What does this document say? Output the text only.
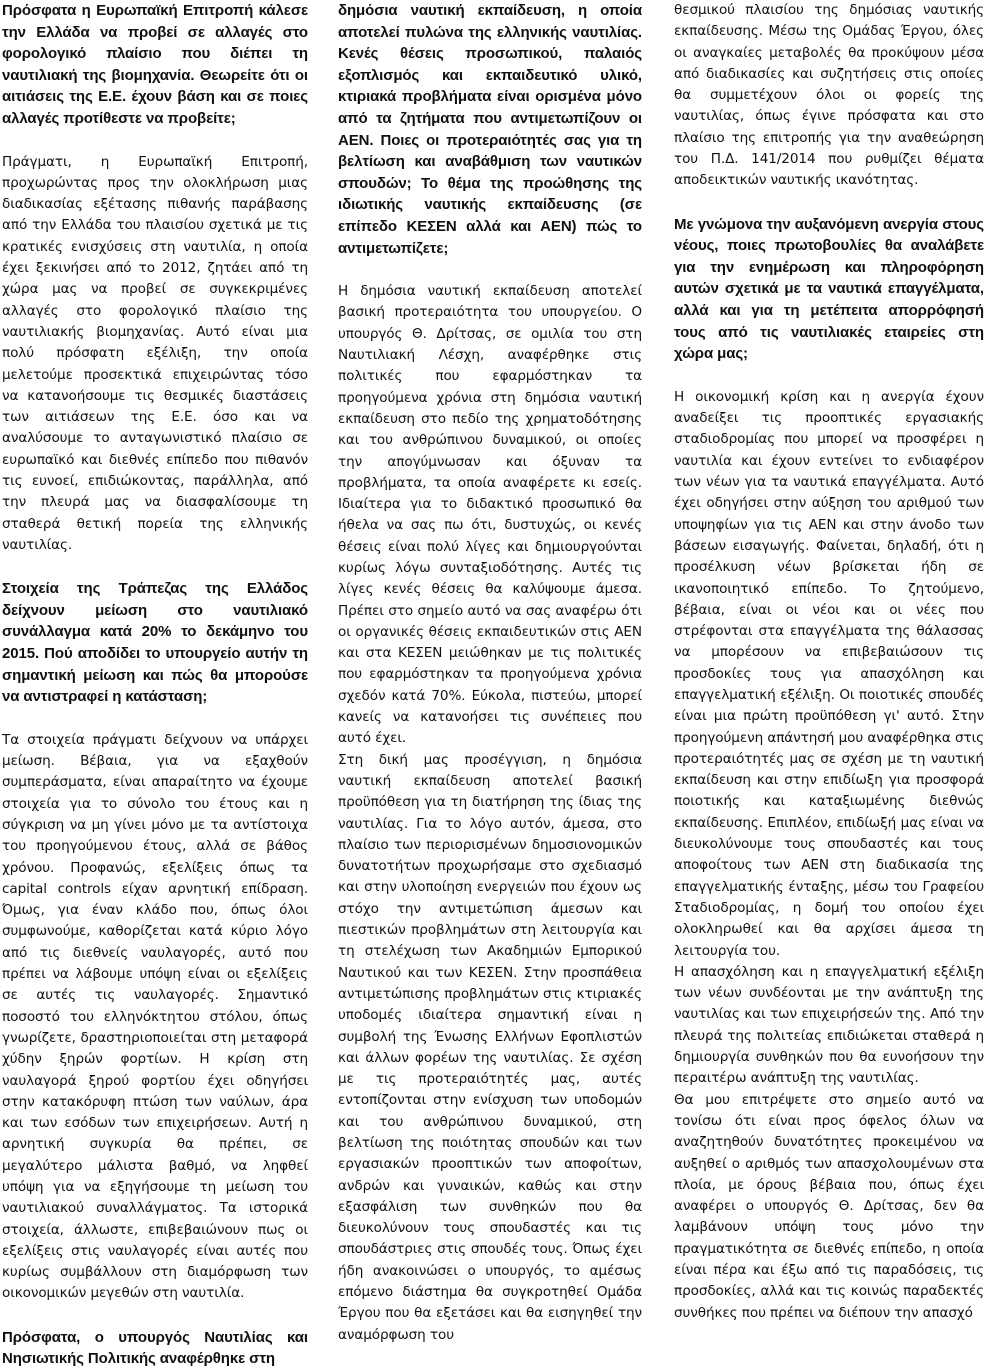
Πρόσφατα η Ευρωπαϊκή Επιτροπή κάλεσε την Ελλάδα να προβεί σε αλλαγές στο φορολογικό πλαίσιο που διέπει τη ναυτιλιακή της βιομηχανία. Θεωρείτε ότι οι αιτιάσεις της Ε.Ε. έχουν βάση και σε ποιες αλλαγές προτίθεστε να προβείτε;

Πράγματι, η Ευρωπαϊκή Επιτροπή, προχωρώντας προς την ολοκλήρωση μιας διαδικασίας εξέτασης πιθανής παράβασης από την Ελλάδα του πλαισίου σχετικά με τις κρατικές ενισχύσεις στη ναυτιλία, η οποία έχει ξεκινήσει από το 2012, ζητάει από τη χώρα μας να προβεί σε συγκεκριμένες αλλαγές στο φορολογικό πλαίσιο της ναυτιλιακής βιομηχανίας. Αυτό είναι μια πολύ πρόσφατη εξέλιξη, την οποία μελετούμε προσεκτικά επιχειρώντας τόσο να κατανοήσουμε τις θεσμικές διαστάσεις των αιτιάσεων της Ε.Ε. όσο και να αναλύσουμε το ανταγωνιστικό πλαίσιο σε ευρωπαϊκό και διεθνές επίπεδο που πιθανόν τις ευνοεί, επιδιώκοντας, παράλληλα, από την πλευρά μας να διασφαλίσουμε τη σταθερά θετική πορεία της ελληνικής ναυτιλίας.

Στοιχεία της Τράπεζας της Ελλάδος δείχνουν μείωση στο ναυτιλιακό συνάλλαγμα κατά 20% το δεκάμηνο του 2015. Πού αποδίδει το υπουργείο αυτήν τη σημαντική μείωση και πώς θα μπορούσε να αντιστραφεί η κατάσταση;

Τα στοιχεία πράγματι δείχνουν να υπάρχει μείωση. Βέβαια, για να εξαχθούν συμπεράσματα, είναι απαραίτητο να έχουμε στοιχεία για το σύνολο του έτους και η σύγκριση να μη γίνει μόνο με τα αντίστοιχα του προηγούμενου έτους, αλλά σε βάθος χρόνου. Προφανώς, εξελίξεις όπως τα capital controls είχαν αρνητική επίδραση. Όμως, για έναν κλάδο που, όπως όλοι συμφωνούμε, καθορίζεται κατά κύριο λόγο από τις διεθνείς ναυλαγορές, αυτό που πρέπει να λάβουμε υπόψη είναι οι εξελίξεις σε αυτές τις ναυλαγορές. Σημαντικό ποσοστό του ελληνόκτητου στόλου, όπως γνωρίζετε, δραστηριοποιείται στη μεταφορά χύδην ξηρών φορτίων. Η κρίση στη ναυλαγορά ξηρού φορτίου έχει οδηγήσει στην κατακόρυφη πτώση των ναύλων, άρα και των εσόδων των επιχειρήσεων. Αυτή η αρνητική συγκυρία θα πρέπει, σε μεγαλύτερο μάλιστα βαθμό, να ληφθεί υπόψη για να εξηγήσουμε τη μείωση του ναυτιλιακού συναλλάγματος. Τα ιστορικά στοιχεία, άλλωστε, επιβεβαιώνουν πως οι εξελίξεις στις ναυλαγορές είναι αυτές που κυρίως συμβάλλουν στη διαμόρφωση των οικονομικών μεγεθών στη ναυτιλία.

Πρόσφατα, ο υπουργός Ναυτιλίας και Νησιωτικής Πολιτικής αναφέρθηκε στη

δημόσια ναυτική εκπαίδευση, η οποία αποτελεί πυλώνα της ελληνικής ναυτιλίας. Κενές θέσεις προσωπικού, παλαιός εξοπλισμός και εκπαιδευτικό υλικό, κτιριακά προβλήματα είναι ορισμένα μόνο από τα ζητήματα που αντιμετωπίζουν οι ΑΕΝ. Ποιες οι προτεραιότητές σας για τη βελτίωση και αναβάθμιση των ναυτικών σπουδών; Το θέμα της προώθησης της ιδιωτικής ναυτικής εκπαίδευσης (σε επίπεδο ΚΕΣΕΝ αλλά και ΑΕΝ) πώς το αντιμετωπίζετε;

Η δημόσια ναυτική εκπαίδευση αποτελεί βασική προτεραιότητα του υπουργείου. Ο υπουργός Θ. Δρίτσας, σε ομιλία του στη Ναυτιλιακή Λέσχη, αναφέρθηκε στις πολιτικές που εφαρμόστηκαν τα προηγούμενα χρόνια στη δημόσια ναυτική εκπαίδευση στο πεδίο της χρηματοδότησης και του ανθρώπινου δυναμικού, οι οποίες την απογύμνωσαν και όξυναν τα προβλήματα, τα οποία αναφέρετε κι εσείς. Ιδιαίτερα για το διδακτικό προσωπικό θα ήθελα να σας πω ότι, δυστυχώς, οι κενές θέσεις είναι πολύ λίγες και δημιουργούνται κυρίως λόγω συνταξιοδότησης. Αυτές τις λίγες κενές θέσεις θα καλύψουμε άμεσα. Πρέπει στο σημείο αυτό να σας αναφέρω ότι οι οργανικές θέσεις εκπαιδευτικών στις ΑΕΝ και στα ΚΕΣΕΝ μειώθηκαν με τις πολιτικές που εφαρμόστηκαν τα προηγούμενα χρόνια σχεδόν κατά 70%. Εύκολα, πιστεύω, μπορεί κανείς να κατανοήσει τις συνέπειες που αυτό έχει.

Στη δική μας προσέγγιση, η δημόσια ναυτική εκπαίδευση αποτελεί βασική προϋπόθεση για τη διατήρηση της ίδιας της ναυτιλίας. Για το λόγο αυτόν, άμεσα, στο πλαίσιο των περιορισμένων δημοσιονομικών δυνατοτήτων προχωρήσαμε στο σχεδιασμό και στην υλοποίηση ενεργειών που έχουν ως στόχο την αντιμετώπιση άμεσων και πιεστικών προβλημάτων στη λειτουργία και τη στελέχωση των Ακαδημιών Εμπορικού Ναυτικού και των ΚΕΣΕΝ. Στην προσπάθεια αντιμετώπισης προβλημάτων στις κτιριακές υποδομές ιδιαίτερα σημαντική είναι η συμβολή της Ένωσης Ελλήνων Εφοπλιστών και άλλων φορέων της ναυτιλίας. Σε σχέση με τις προτεραιότητές μας, αυτές εντοπίζονται στην ενίσχυση των υποδομών και του ανθρώπινου δυναμικού, στη βελτίωση της ποιότητας σπουδών και των εργασιακών προοπτικών των αποφοίτων, ανδρών και γυναικών, καθώς και στην εξασφάλιση των συνθηκών που θα διευκολύνουν τους σπουδαστές και τις σπουδάστριες στις σπουδές τους. Όπως έχει ήδη ανακοινώσει ο υπουργός, το αμέσως επόμενο διάστημα θα συγκροτηθεί Ομάδα Έργου που θα εξετάσει και θα εισηγηθεί την αναμόρφωση του

θεσμικού πλαισίου της δημόσιας ναυτικής εκπαίδευσης. Μέσω της Ομάδας Έργου, όλες οι αναγκαίες μεταβολές θα προκύψουν μέσα από διαδικασίες και συζητήσεις στις οποίες θα συμμετέχουν όλοι οι φορείς της ναυτιλίας, όπως έγινε πρόσφατα και στο πλαίσιο της επιτροπής για την αναθεώρηση του Π.Δ. 141/2014 που ρυθμίζει θέματα αποδεικτικών ναυτικής ικανότητας.

Με γνώμονα την αυξανόμενη ανεργία στους νέους, ποιες πρωτοβουλίες θα αναλάβετε για την ενημέρωση και πληροφόρηση αυτών σχετικά με τα ναυτικά επαγγέλματα, αλλά και για τη μετέπειτα απορρόφησή τους από τις ναυτιλιακές εταιρείες στη χώρα μας;

Η οικονομική κρίση και η ανεργία έχουν αναδείξει τις προοπτικές εργασιακής σταδιοδρομίας που μπορεί να προσφέρει η ναυτιλία και έχουν εντείνει το ενδιαφέρον των νέων για τα ναυτικά επαγγέλματα. Αυτό έχει οδηγήσει στην αύξηση του αριθμού των υποψηφίων για τις ΑΕΝ και στην άνοδο των βάσεων εισαγωγής. Φαίνεται, δηλαδή, ότι η προσέλκυση νέων βρίσκεται ήδη σε ικανοποιητικό επίπεδο. Το ζητούμενο, βέβαια, είναι οι νέοι και οι νέες που στρέφονται στα επαγγέλματα της θάλασσας να μπορέσουν να επιβεβαιώσουν τις προσδοκίες τους για απασχόληση και επαγγελματική εξέλιξη. Οι ποιοτικές σπουδές είναι μια πρώτη προϋπόθεση γι' αυτό. Στην προηγούμενη απάντησή μου αναφέρθηκα στις προτεραιότητές μας σε σχέση με τη ναυτική εκπαίδευση και στην επιδίωξη για προσφορά ποιοτικής και καταξιωμένης διεθνώς εκπαίδευσης. Επιπλέον, επιδίωξή μας είναι να διευκολύνουμε τους σπουδαστές και τους αποφοίτους των ΑΕΝ στη διαδικασία της επαγγελματικής ένταξης, μέσω του Γραφείου Σταδιοδρομίας, η δομή του οποίου έχει ολοκληρωθεί και θα αρχίσει άμεσα τη λειτουργία του.

Η απασχόληση και η επαγγελματική εξέλιξη των νέων συνδέονται με την ανάπτυξη της ναυτιλίας και των επιχειρήσεών της. Από την πλευρά της πολιτείας επιδιώκεται σταθερά η δημιουργία συνθηκών που θα ευνοήσουν την περαιτέρω ανάπτυξη της ναυτιλίας.

Θα μου επιτρέψετε στο σημείο αυτό να τονίσω ότι είναι προς όφελος όλων να αναζητηθούν δυνατότητες προκειμένου να αυξηθεί ο αριθμός των απασχολουμένων στα πλοία, με όρους βέβαια που, όπως έχει αναφέρει ο υπουργός Θ. Δρίτσας, δεν θα λαμβάνουν υπόψη τους μόνο την πραγματικότητα σε διεθνές επίπεδο, η οποία είναι πέρα και έξω από τις παραδόσεις, τις προσδοκίες, αλλά και τις κοινώς παραδεκτές συνθήκες που πρέπει να διέπουν την απασχό
